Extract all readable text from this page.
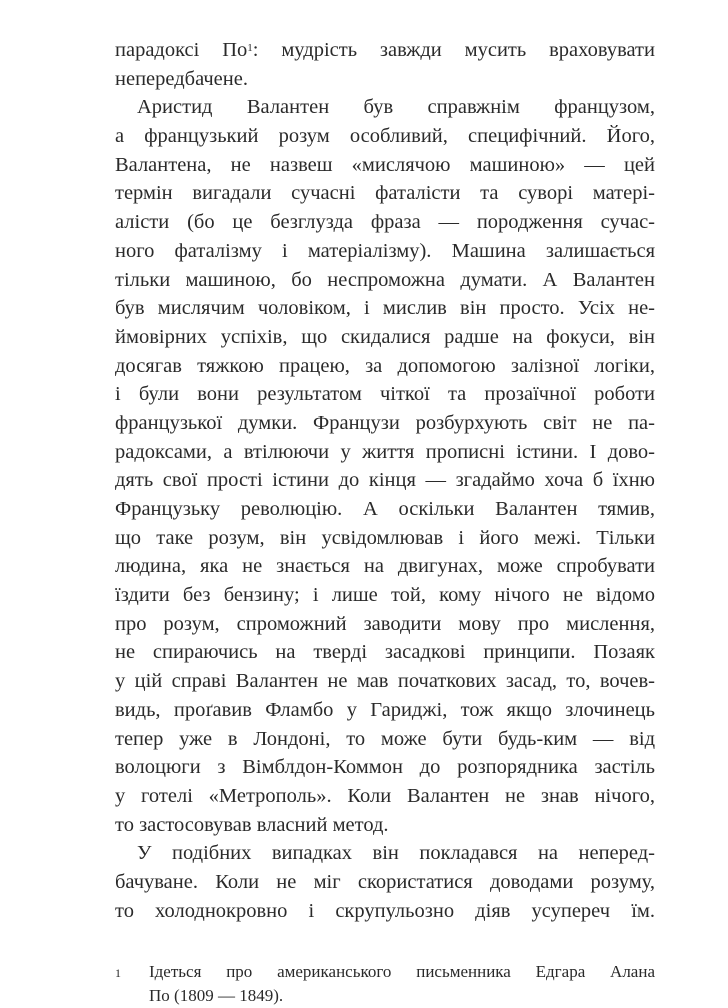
парадоксі По$^1$: мудрість завжди мусить враховувати
непередбачене.
Аристид Валантен був справжнім французом,
а французький розум особливий, специфічний. Його,
Валантена, не назвеш «мислячою машиною» — цей
термін вигадали сучасні фаталісти та суворі матері-
алісти (бо це безглузда фраза — породження сучас-
ного фаталізму і матеріалізму). Машина залишається
тільки машиною, бо неспроможна думати. А Валантен
був мислячим чоловіком, і мислив він просто. Усіх не-
ймовірних успіхів, що скидалися радше на фокуси, він
досягав тяжкою працею, за допомогою залізної логіки,
і були вони результатом чіткої та прозаїчної роботи
французької думки. Французи розбурхують світ не па-
радоксами, а втілюючи у життя прописні істини. І дово-
дять свої прості істини до кінця — згадаймо хоча б їхню
Французьку революцію. А оскільки Валантен тямив,
що таке розум, він усвідомлював і його межі. Тільки
людина, яка не знається на двигунах, може спробувати
їздити без бензину; і лише той, кому нічого не відомо
про розум, спроможний заводити мову про мислення,
не спираючись на тверді засадкові принципи. Позаяк
у цій справі Валантен не мав початкових засад, то, вочев-
видь, проґавив Фламбо у Гариджі, тож якщо злочинець
тепер уже в Лондоні, то може бути будь-ким — від
волоцюги з Вімблдон-Коммон до розпорядника застіль
у готелі «Метрополь». Коли Валантен не знав нічого,
то застосовував власний метод.
У подібних випадках він покладався на неперед-
бачуване. Коли не міг скористатися доводами розуму,
то холоднокровно і скрупульозно діяв усупереч їм.
1 Ідеться про американського письменника Едгара Алана
По (1809 — 1849).
